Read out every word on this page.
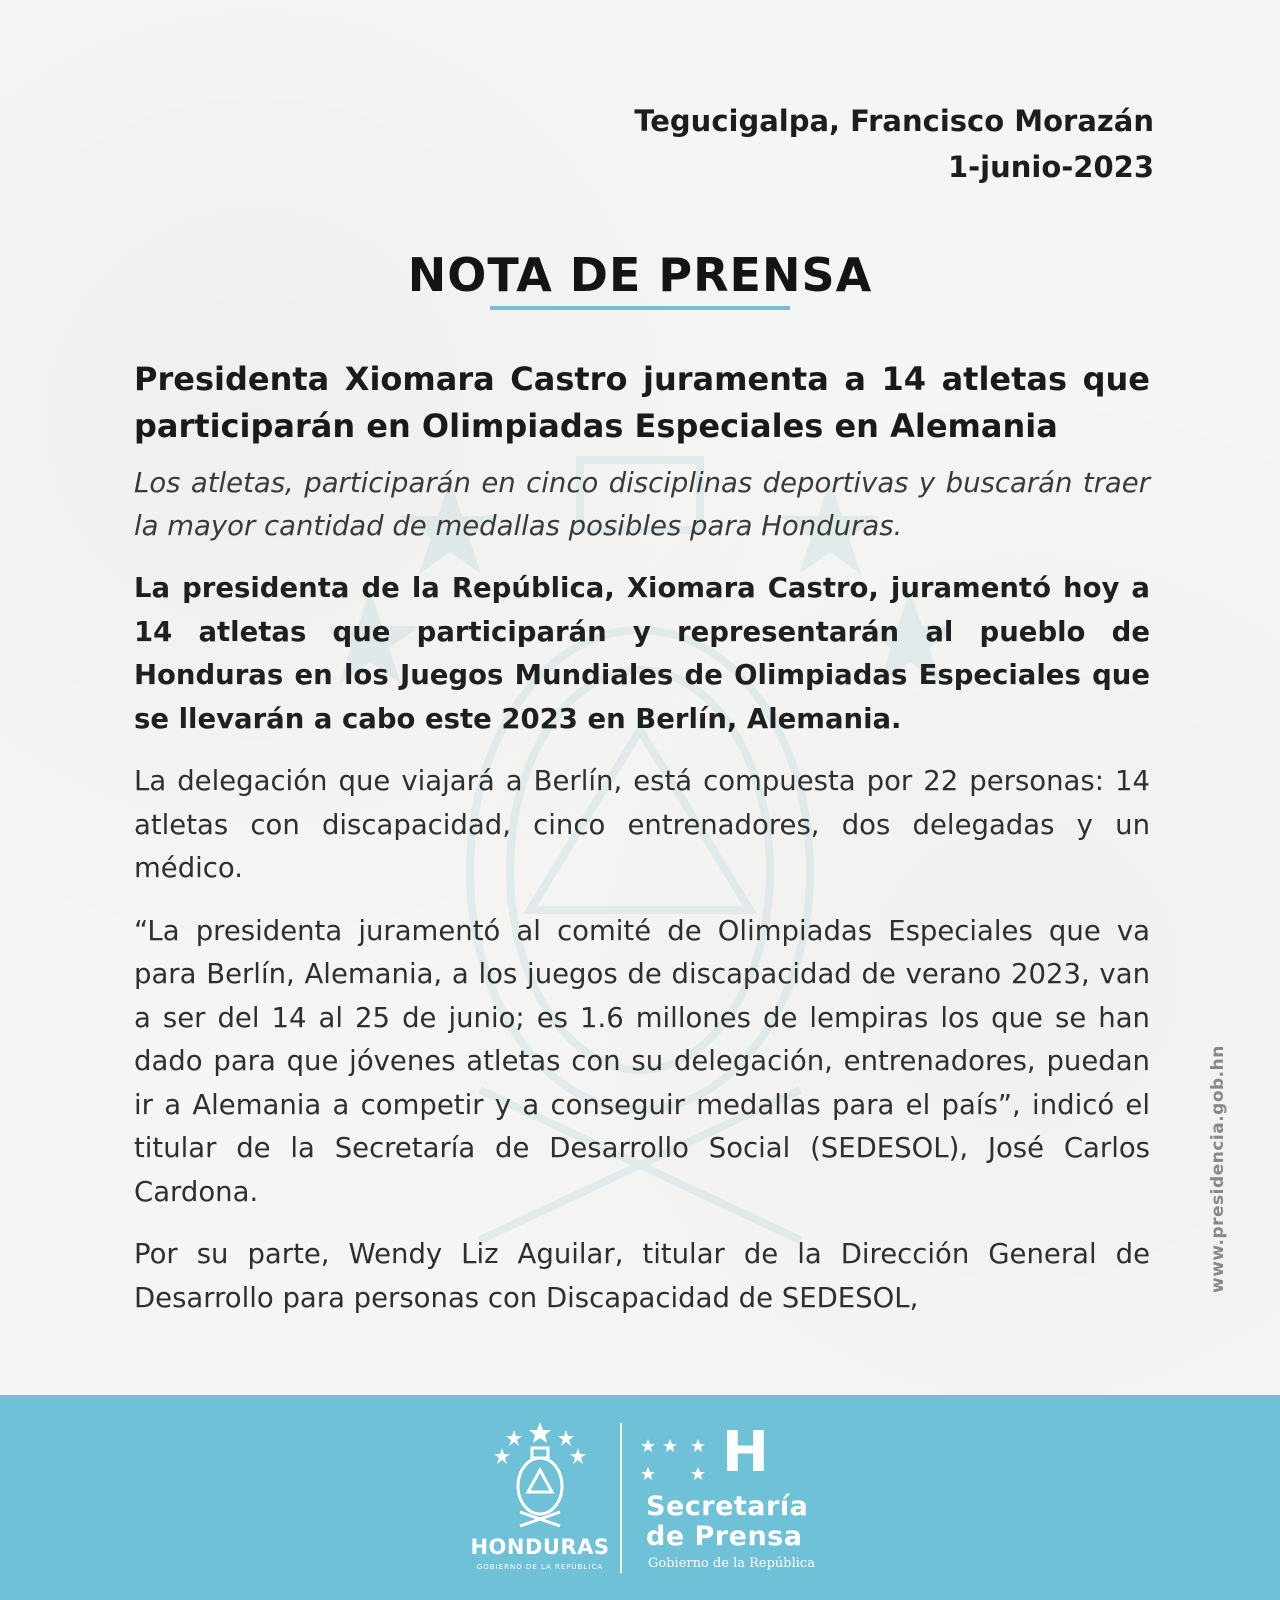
Tegucigalpa, Francisco Morazán
1-junio-2023
NOTA DE PRENSA

Presidenta Xiomara Castro juramenta a 14 atletas que participarán en Olimpiadas Especiales en Alemania

Los atletas, participarán en cinco disciplinas deportivas y buscarán traer la mayor cantidad de medallas posibles para Honduras.

La presidenta de la República, Xiomara Castro, juramentó hoy a 14 atletas que participarán y representarán al pueblo de Honduras en los Juegos Mundiales de Olimpiadas Especiales que se llevarán a cabo este 2023 en Berlín, Alemania.

La delegación que viajará a Berlín, está compuesta por 22 personas: 14 atletas con discapacidad, cinco entrenadores, dos delegadas y un médico.

“La presidenta juramentó al comité de Olimpiadas Especiales que va para Berlín, Alemania, a los juegos de discapacidad de verano 2023, van a ser del 14 al 25 de junio; es 1.6 millones de lempiras los que se han dado para que jóvenes atletas con su delegación, entrenadores, puedan ir a Alemania a competir y a conseguir medallas para el país”, indicó el titular de la Secretaría de Desarrollo Social (SEDESOL), José Carlos Cardona.

Por su parte, Wendy Liz Aguilar, titular de la Dirección General de Desarrollo para personas con Discapacidad de SEDESOL,

www.presidencia.gob.hn
HONDURAS
GOBIERNO DE LA REPÚBLICA
H
Secretaría
de Prensa
Gobierno de la República
